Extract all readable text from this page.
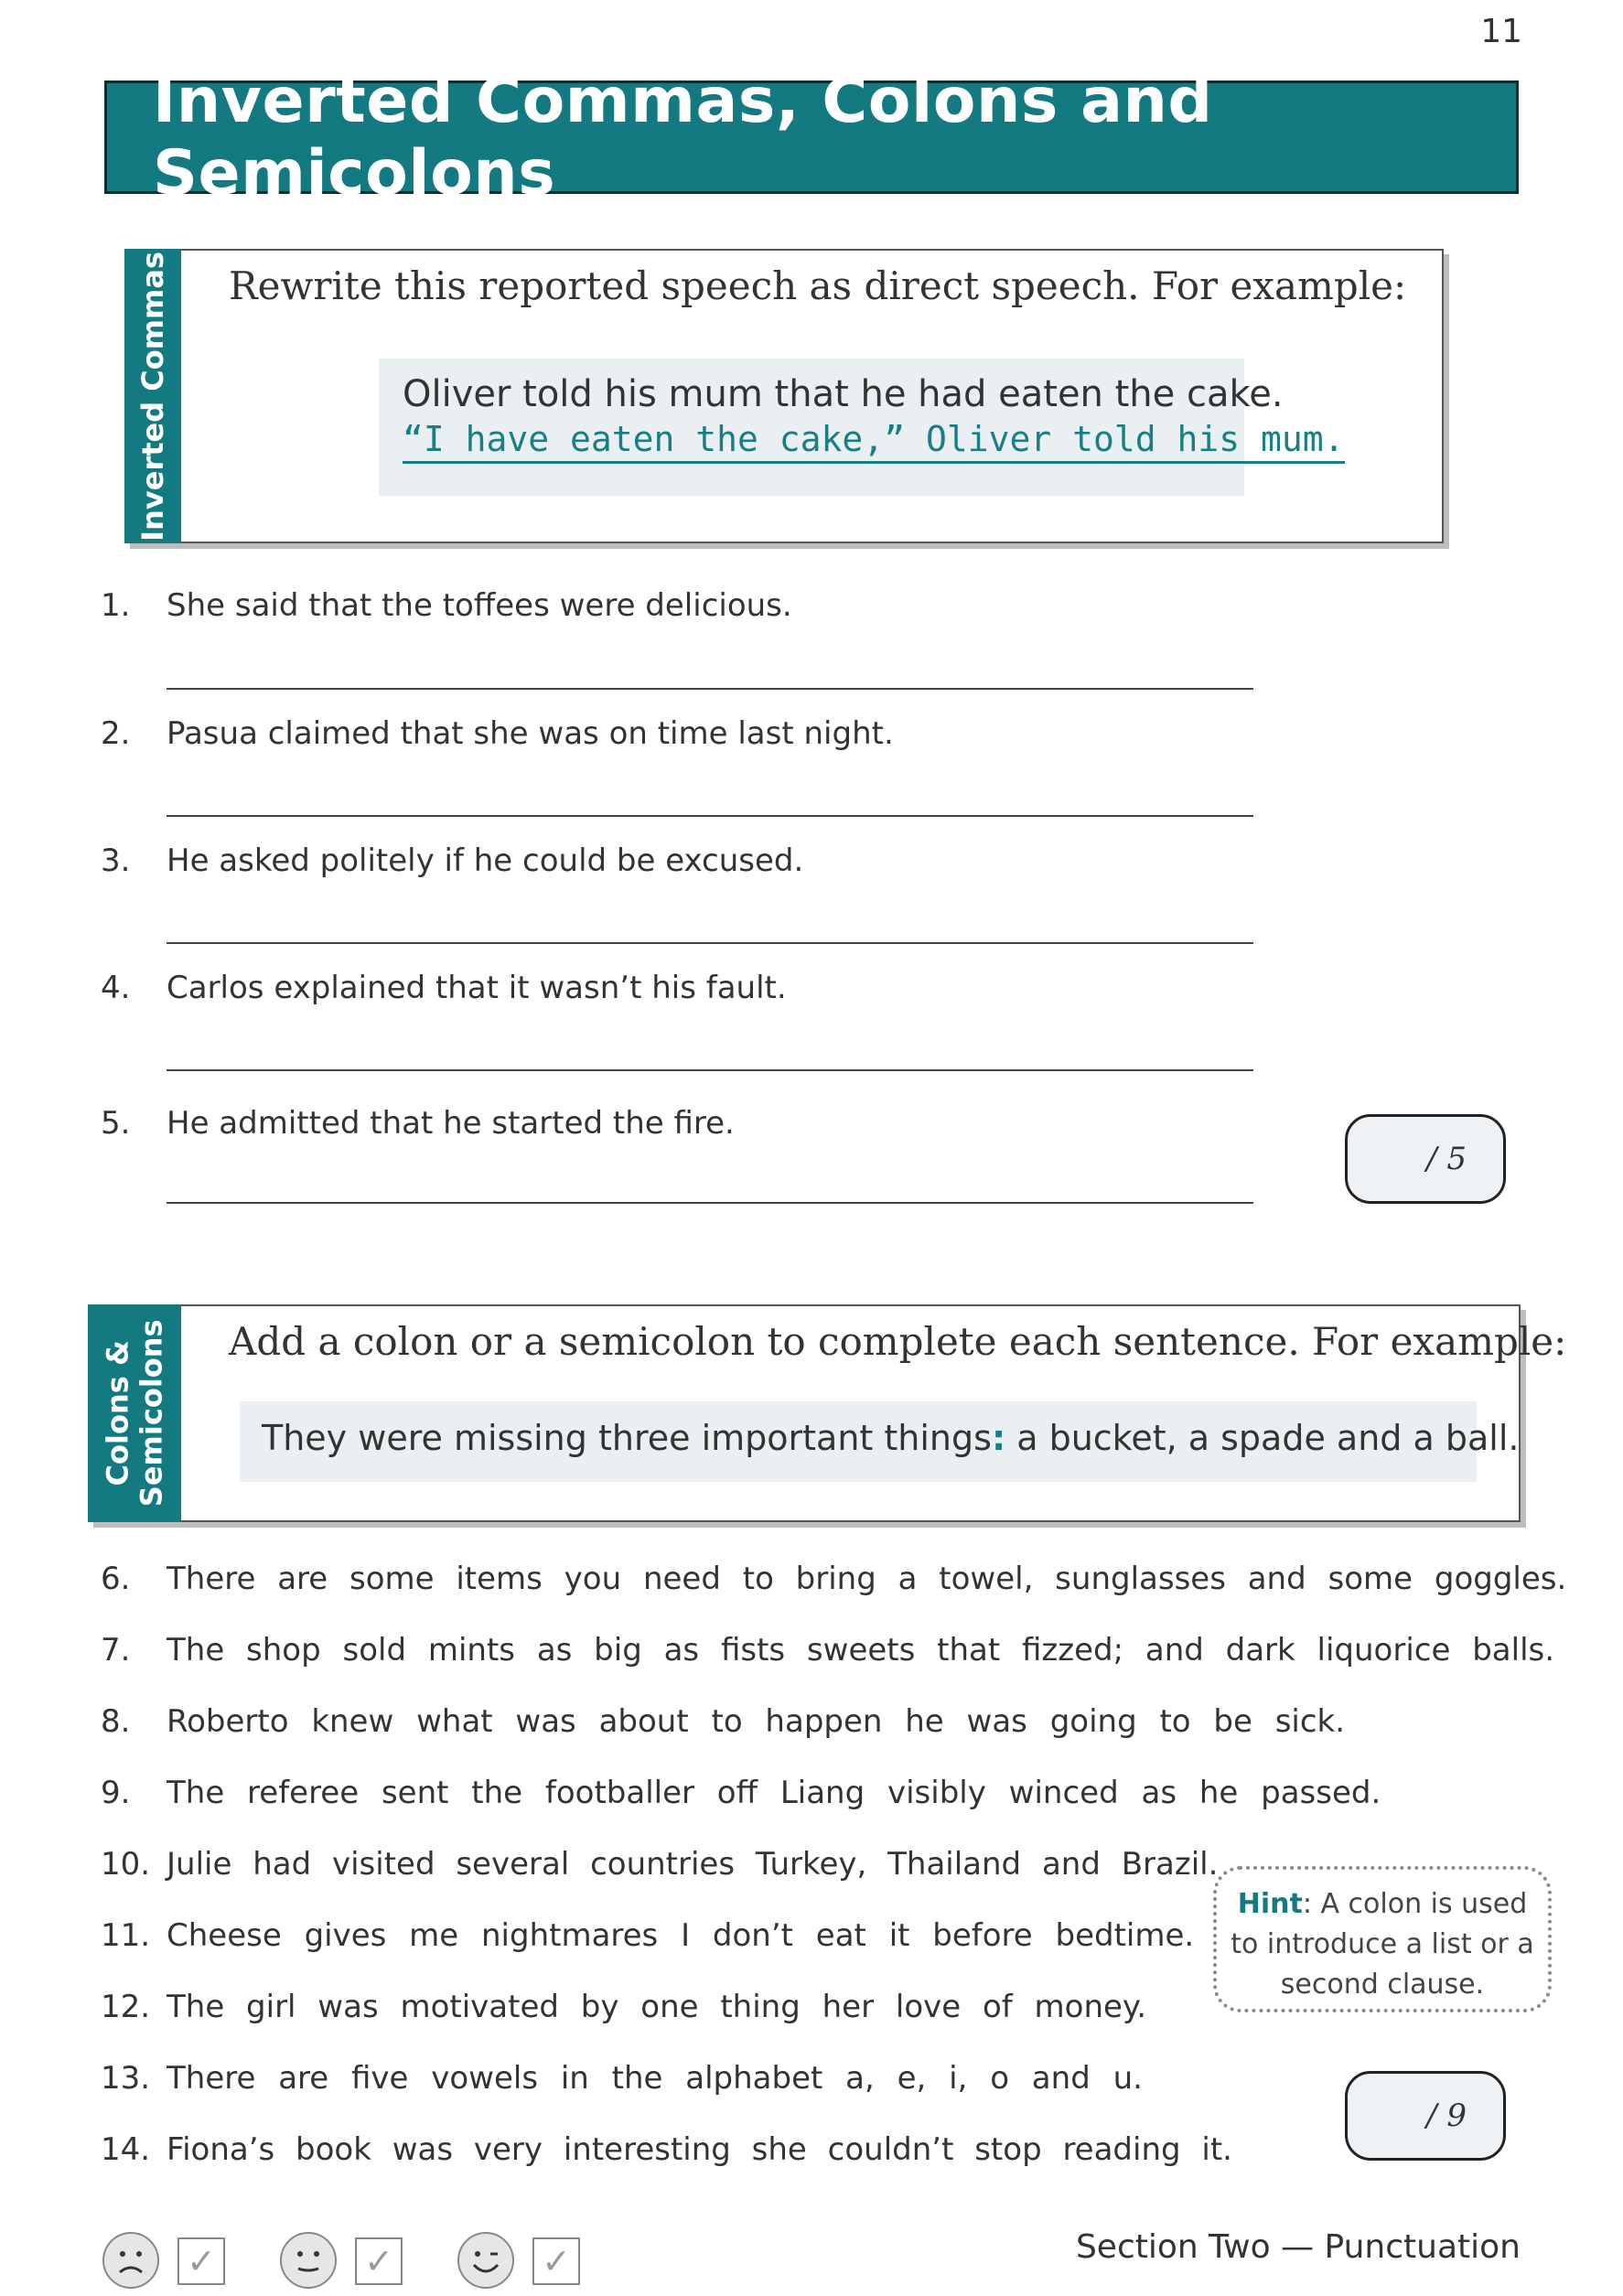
11
Inverted Commas, Colons and Semicolons
Inverted Commas Rewrite this reported speech as direct speech. For example:
Oliver told his mum that he had eaten the cake.
“I have eaten the cake,” Oliver told his mum.
1. She said that the toffees were delicious.
2. Pasua claimed that she was on time last night.
3. He asked politely if he could be excused.
4. Carlos explained that it wasn’t his fault.
5. He admitted that he started the fire.
/ 5
Colons &
Semicolons Add a colon or a semicolon to complete each sentence. For example:
They were missing three important things: a bucket, a spade and a ball.
6.	There are some items you need to bring a towel, sunglasses and some goggles.
7.	The shop sold mints as big as fists sweets that fizzed; and dark liquorice balls.
8.	Roberto knew what was about to happen he was going to be sick.
9.	The referee sent the footballer off Liang visibly winced as he passed.
10. Julie had visited several countries Turkey, Thailand and Brazil.
11. Cheese gives me nightmares I don’t eat it before bedtime.
12. The girl was motivated by one thing her love of money.
13. There are five vowels in the alphabet a, e, i, o and u.
14. Fiona’s book was very interesting she couldn’t stop reading it.
Hint: A colon is used
to introduce a list or a
second clause.
/ 9
✓	✓	✓	Section Two — Punctuation
